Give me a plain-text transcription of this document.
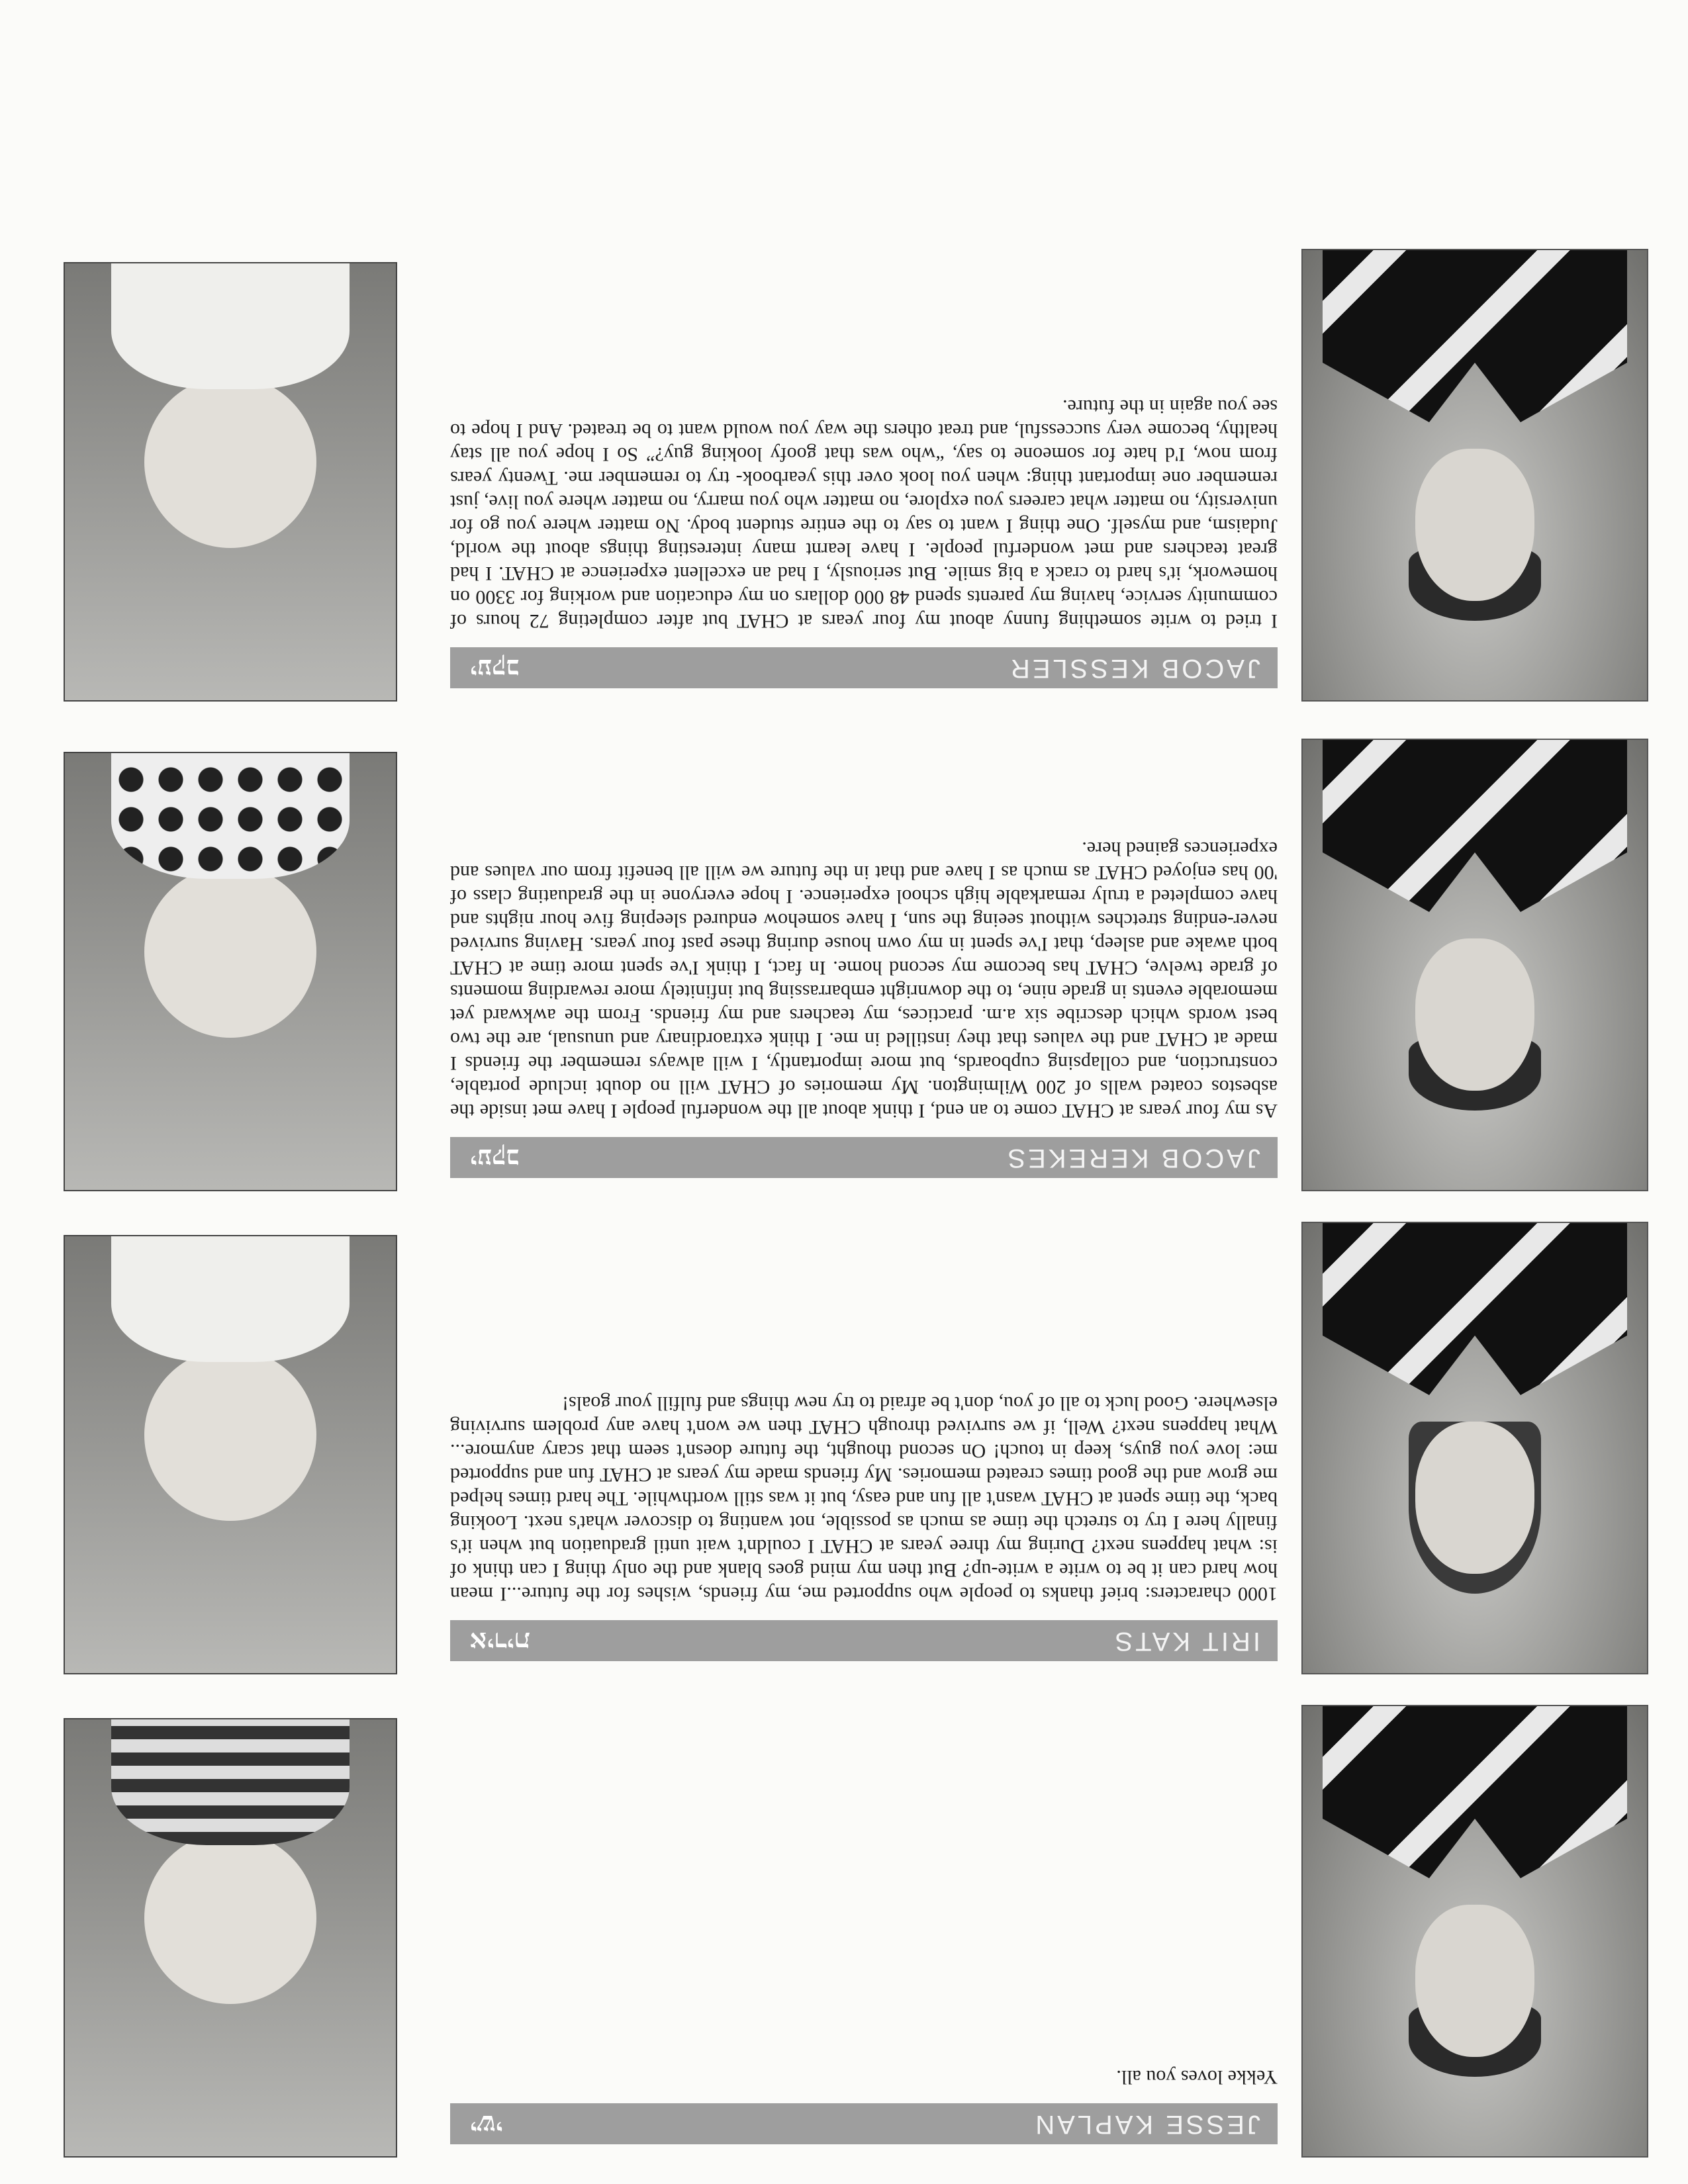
JESSE KAPLAN
ישי
Yekke loves you all.
IRIT KATS
אירית
1000 characters: brief thanks to people who supported me, my friends, wishes for the future...I mean how hard can it be to write a write-up? But then my mind goes blank and the only thing I can think of is: what happens next? During my three years at CHAT I couldn't wait until graduation but when it's finally here I try to stretch the time as much as possible, not wanting to discover what's next. Looking back, the time spent at CHAT wasn't all fun and easy, but it was still worthwhile. The hard times helped me grow and the good times created memories. My friends made my years at CHAT fun and supported me: love you guys, keep in touch! On second thought, the future doesn't seem that scary anymore... What happens next? Well, if we survived through CHAT then we won't have any problem surviving elsewhere. Good luck to all of you, don't be afraid to try new things and fulfill your goals!
JACOB KEREKES
יעקב
As my four years at CHAT come to an end, I think about all the wonderful people I have met inside the asbestos coated walls of 200 Wilmington. My memories of CHAT will no doubt include portable, construction, and collapsing cupboards, but more importantly, I will always remember the friends I made at CHAT and the values that they instilled in me. I think extraordinary and unusual, are the two best words which describe six a.m. practices, my teachers and my friends. From the awkward yet memorable events in grade nine, to the downright embarrassing but infinitely more rewarding moments of grade twelve, CHAT has become my second home. In fact, I think I've spent more time at CHAT both awake and asleep, that I've spent in my own house during these past four years. Having survived never-ending stretches without seeing the sun, I have somehow endured sleeping five hour nights and have completed a truly remarkable high school experience. I hope everyone in the graduating class of '00 has enjoyed CHAT as much as I have and that in the future we will all benefit from our values and experiences gained here.
JACOB KESSLER
יעקב
I tried to write something funny about my four years at CHAT but after completing 72 hours of community service, having my parents spend 48 000 dollars on my education and working for 3300 on homework, it's hard to crack a big smile. But seriously, I had an excellent experience at CHAT. I had great teachers and met wonderful people. I have learnt many interesting things about the world, Judaism, and myself. One thing I want to say to the entire student body. No matter where you go for university, no matter what careers you explore, no matter who you marry, no matter where you live, just remember one important thing: when you look over this yearbook- try to remember me. Twenty years from now, I'd hate for someone to say, “who was that goofy looking guy?” So I hope you all stay healthy, become very successful, and treat others the way you would want to be treated. And I hope to see you again in the future.
